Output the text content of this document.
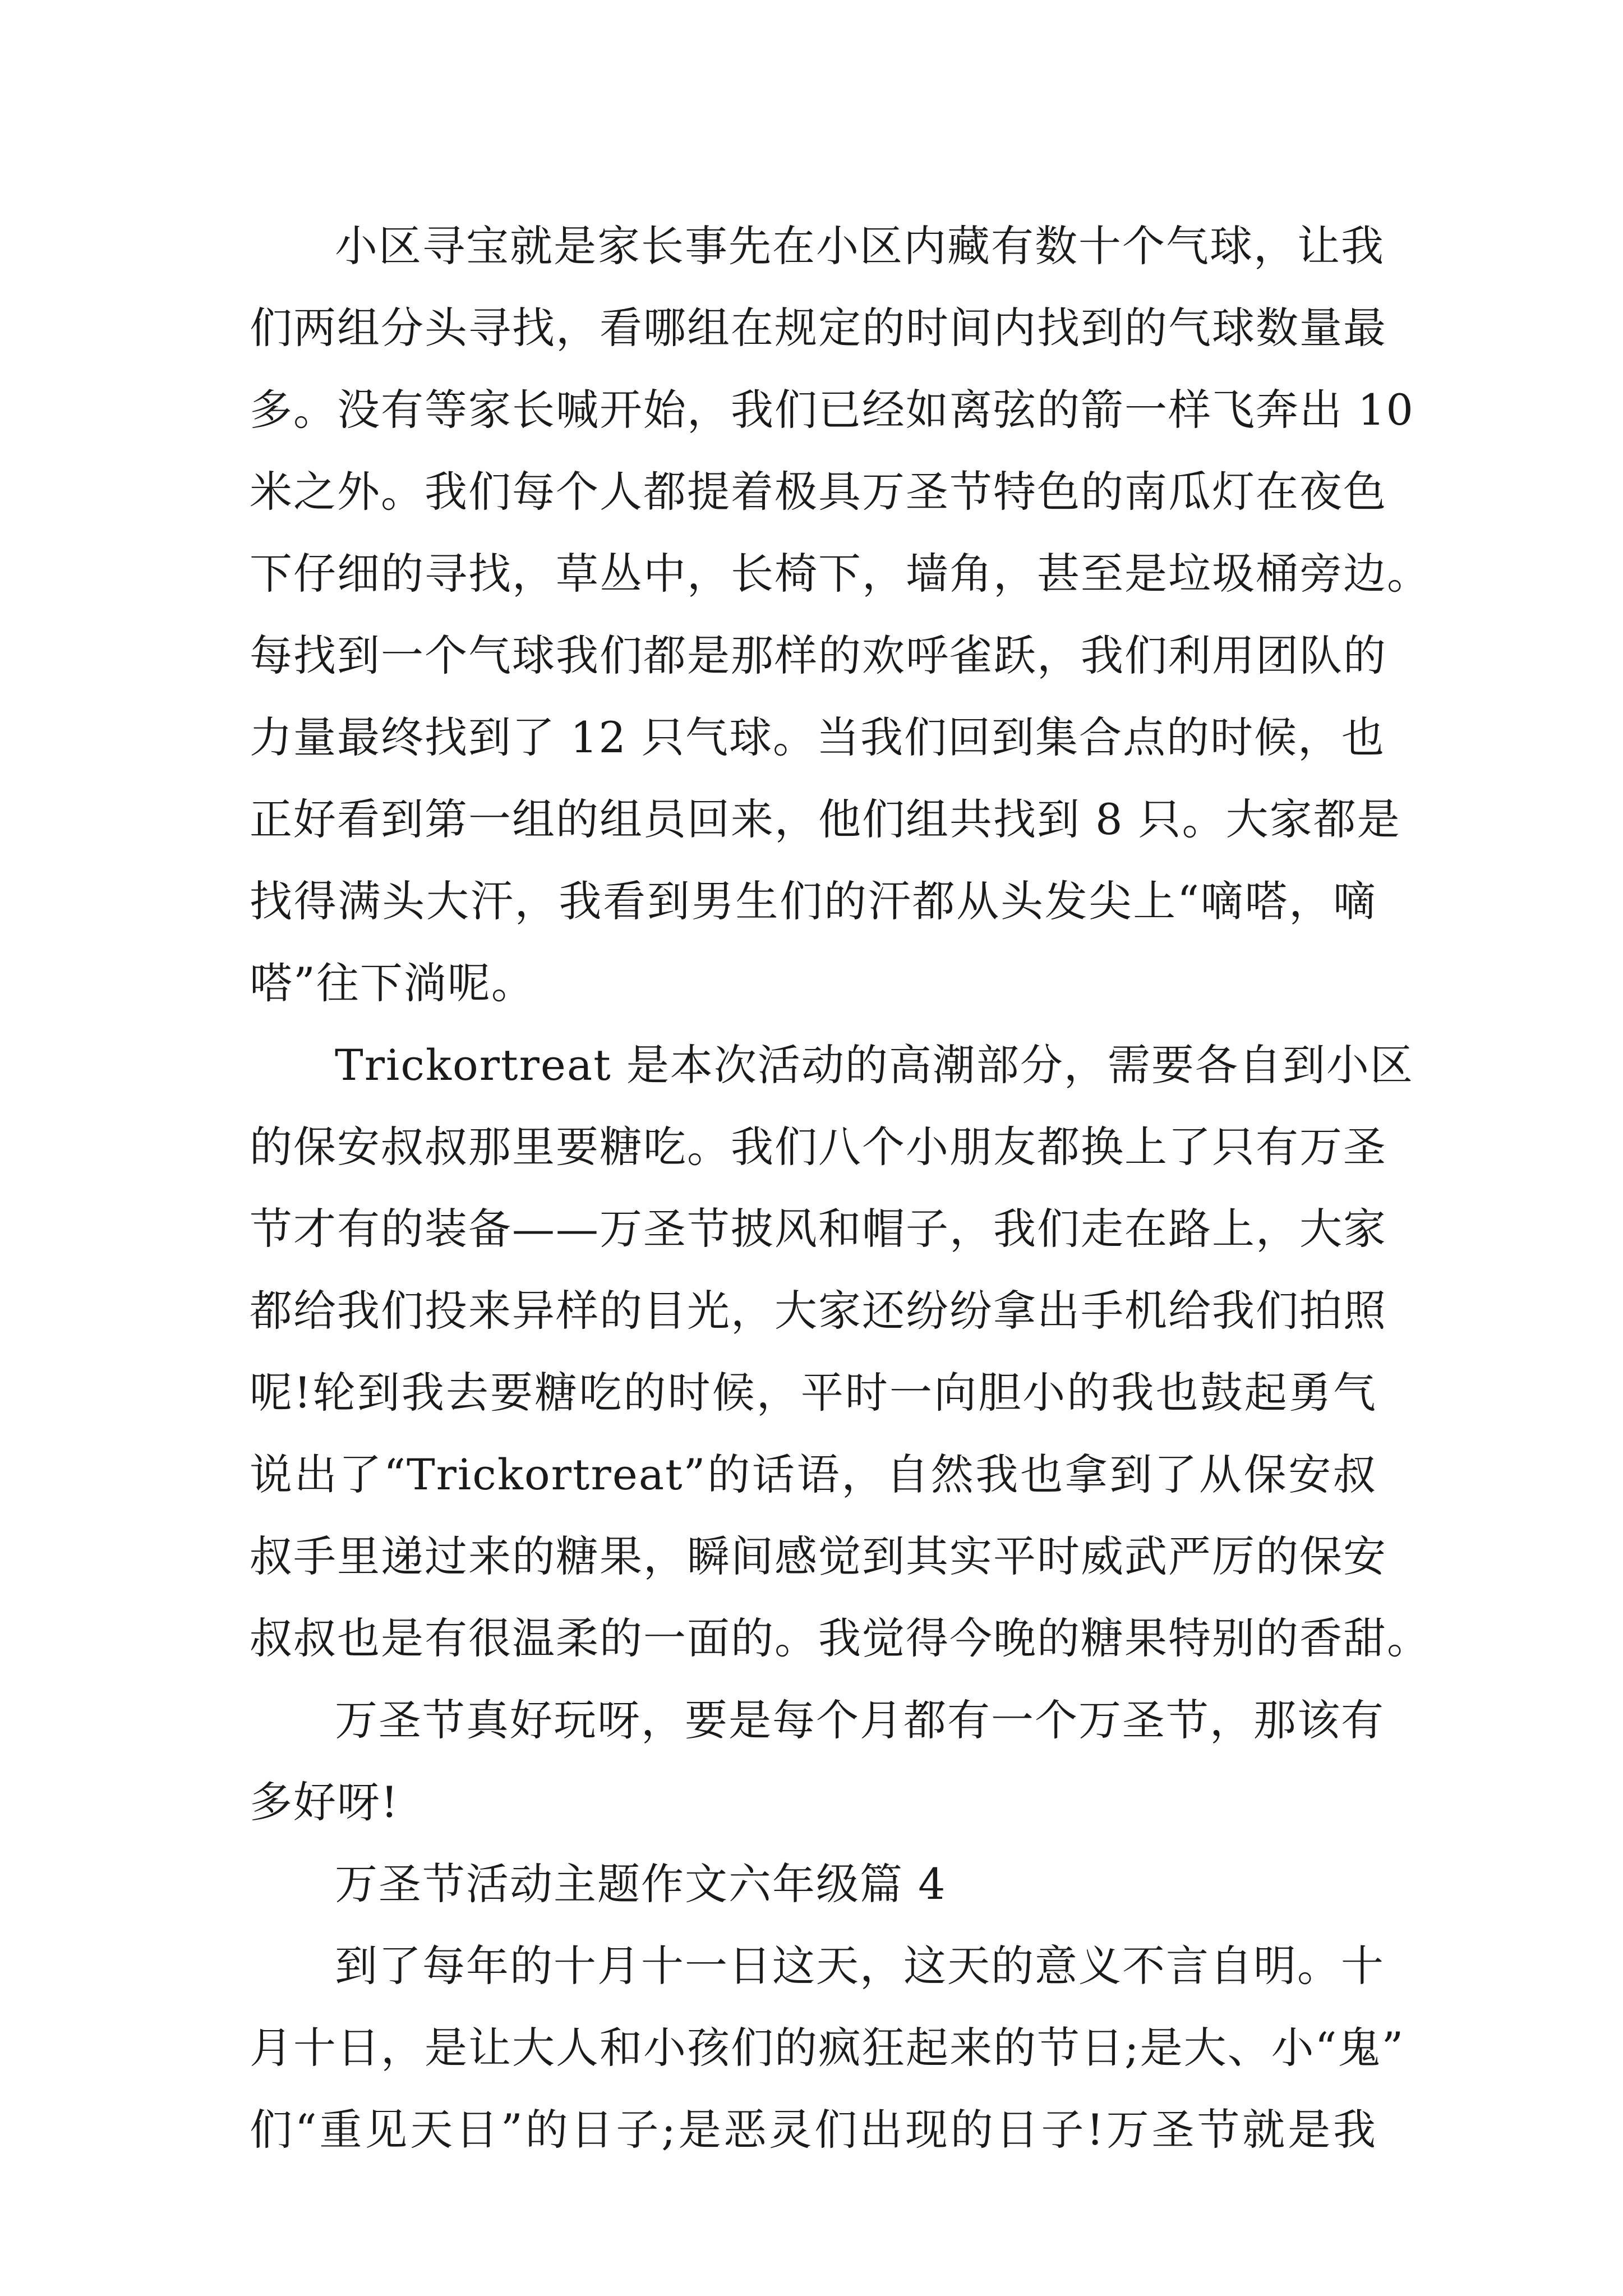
小区寻宝就是家长事先在小区内藏有数十个气球，让我
们两组分头寻找，看哪组在规定的时间内找到的气球数量最
多。没有等家长喊开始，我们已经如离弦的箭一样飞奔出 10
米之外。我们每个人都提着极具万圣节特色的南瓜灯在夜色
下仔细的寻找，草丛中，长椅下，墙角，甚至是垃圾桶旁边。
每找到一个气球我们都是那样的欢呼雀跃，我们利用团队的
力量最终找到了 12 只气球。当我们回到集合点的时候，也
正好看到第一组的组员回来，他们组共找到 8 只。大家都是
找得满头大汗，我看到男生们的汗都从头发尖上“嘀嗒，嘀
嗒”往下淌呢。
Trickortreat 是本次活动的高潮部分，需要各自到小区
的保安叔叔那里要糖吃。我们八个小朋友都换上了只有万圣
节才有的装备——万圣节披风和帽子，我们走在路上，大家
都给我们投来异样的目光，大家还纷纷拿出手机给我们拍照
呢!轮到我去要糖吃的时候，平时一向胆小的我也鼓起勇气
说出了“Trickortreat”的话语，自然我也拿到了从保安叔
叔手里递过来的糖果，瞬间感觉到其实平时威武严厉的保安
叔叔也是有很温柔的一面的。我觉得今晚的糖果特别的香甜。
万圣节真好玩呀，要是每个月都有一个万圣节，那该有
多好呀!
万圣节活动主题作文六年级篇 4
到了每年的十月十一日这天，这天的意义不言自明。十
月十日，是让大人和小孩们的疯狂起来的节日;是大、小“鬼”
们“重见天日”的日子;是恶灵们出现的日子!万圣节就是我
